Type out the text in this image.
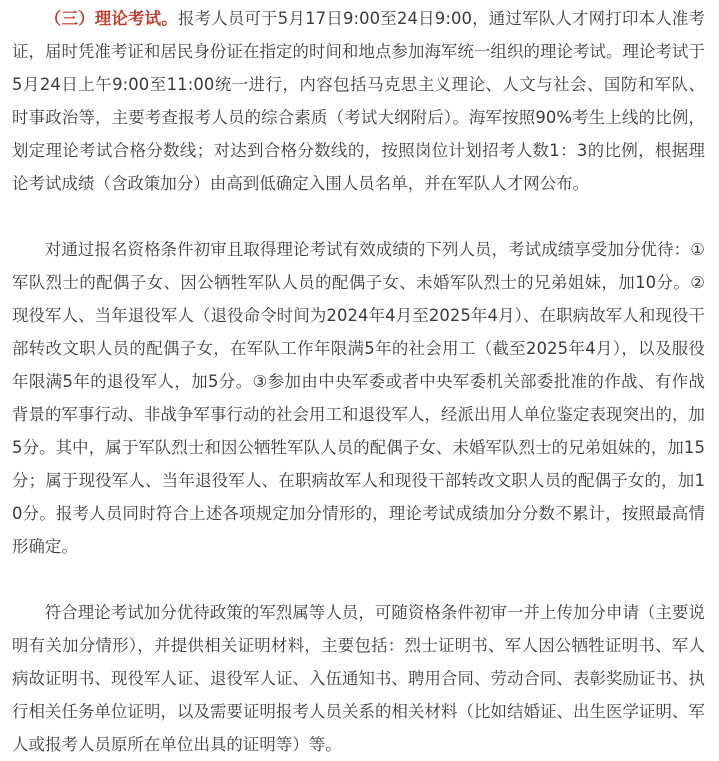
（三）理论考试。报考人员可于5月17日9:00至24日9:00，通过军队人才网打印本人准考证，届时凭准考证和居民身份证在指定的时间和地点参加海军统一组织的理论考试。理论考试于5月24日上午9:00至11:00统一进行，内容包括马克思主义理论、人文与社会、国防和军队、时事政治等，主要考查报考人员的综合素质（考试大纲附后）。海军按照90%考生上线的比例，划定理论考试合格分数线；对达到合格分数线的，按照岗位计划招考人数1：3的比例，根据理论考试成绩（含政策加分）由高到低确定入围人员名单，并在军队人才网公布。

对通过报名资格条件初审且取得理论考试有效成绩的下列人员，考试成绩享受加分优待：①军队烈士的配偶子女、因公牺牲军队人员的配偶子女、未婚军队烈士的兄弟姐妹，加10分。②现役军人、当年退役军人（退役命令时间为2024年4月至2025年4月）、在职病故军人和现役干部转改文职人员的配偶子女，在军队工作年限满5年的社会用工（截至2025年4月），以及服役年限满5年的退役军人，加5分。③参加由中央军委或者中央军委机关部委批准的作战、有作战背景的军事行动、非战争军事行动的社会用工和退役军人，经派出用人单位鉴定表现突出的，加5分。其中，属于军队烈士和因公牺牲军队人员的配偶子女、未婚军队烈士的兄弟姐妹的，加15分；属于现役军人、当年退役军人、在职病故军人和现役干部转改文职人员的配偶子女的，加10分。报考人员同时符合上述各项规定加分情形的，理论考试成绩加分分数不累计，按照最高情形确定。

符合理论考试加分优待政策的军烈属等人员，可随资格条件初审一并上传加分申请（主要说明有关加分情形），并提供相关证明材料，主要包括：烈士证明书、军人因公牺牲证明书、军人病故证明书、现役军人证、退役军人证、入伍通知书、聘用合同、劳动合同、表彰奖励证书、执行相关任务单位证明，以及需要证明报考人员关系的相关材料（比如结婚证、出生医学证明、军人或报考人员原所在单位出具的证明等）等。
